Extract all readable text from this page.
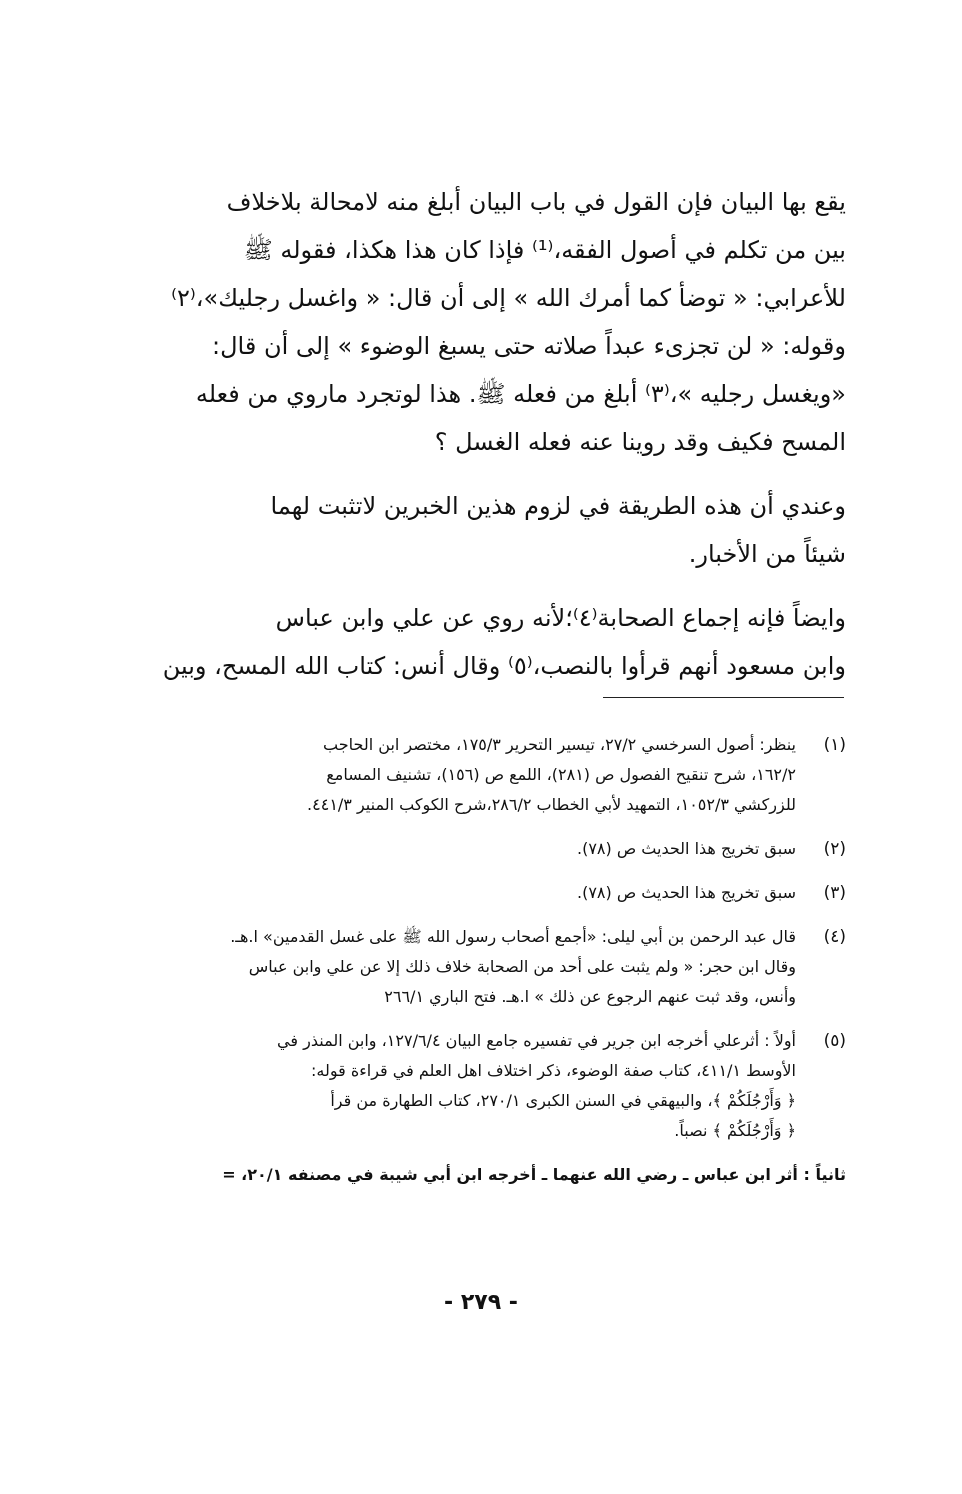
يقع بها البيان فإن القول في باب البيان أبلغ منه لامحالة بلاخلاف
بين من تكلم في أصول الفقه،⁽¹⁾ فإذا كان هذا هكذا، فقوله ﷺ
للأعرابي: « توضأ كما أمرك الله » إلى أن قال: « واغسل رجليك»،⁽٢⁾
وقوله: « لن تجزىء عبداً صلاته حتى يسبغ الوضوء » إلى أن قال:
«ويغسل رجليه »،⁽٣⁾ أبلغ من فعله ﷺ. هذا لوتجرد ماروي من فعله
المسح فكيف وقد روينا عنه فعله الغسل ؟
وعندي أن هذه الطريقة في لزوم هذين الخبرين لاتثبت لهما
شيئاً من الأخبار.
وايضاً فإنه إجماع الصحابة⁽٤⁾؛لأنه روي عن علي وابن عباس
وابن مسعود أنهم قرأوا بالنصب،⁽٥⁾ وقال أنس: كتاب الله المسح، وبين
(١)
ينظر: أصول السرخسي ٢٧/٢، تيسير التحرير ١٧٥/٣، مختصر ابن الحاجب
١٦٢/٢، شرح تنقيح الفصول ص (٢٨١)، اللمع ص (١٥٦)، تشنيف المسامع
للزركشي ١٠٥٢/٣، التمهيد لأبي الخطاب ٢٨٦/٢،شرح الكوكب المنير ٤٤١/٣.
(٢)
سبق تخريج هذا الحديث ص (٧٨).
(٣)
سبق تخريج هذا الحديث ص (٧٨).
(٤)
قال عبد الرحمن بن أبي ليلى: «أجمع أصحاب رسول الله ﷺ على غسل القدمين» ا.هـ.
وقال ابن حجر: « ولم يثبت على أحد من الصحابة خلاف ذلك إلا عن علي وابن عباس
وأنس، وقد ثبت عنهم الرجوع عن ذلك » ا.هـ. فتح الباري ٢٦٦/١
(٥)
أولاً : أثرعلي أخرجه ابن جرير في تفسيره جامع البيان ١٢٧/٦/٤، وابن المنذر في
الأوسط ٤١١/١، كتاب صفة الوضوء، ذكر اختلاف اهل العلم في قراءة قوله:
﴿ وَأَرْجُلَكُمْ ﴾، والبيهقي في السنن الكبرى ٢٧٠/١، كتاب الطهارة من قرأ
﴿ وَأَرْجُلَكُمْ ﴾ نصباً.
ثانياً : أثر ابن عباس ـ رضي الله عنهما ـ أخرجه ابن أبي شيبة في مصنفه ٢٠/١، =
- ٢٧٩ -
